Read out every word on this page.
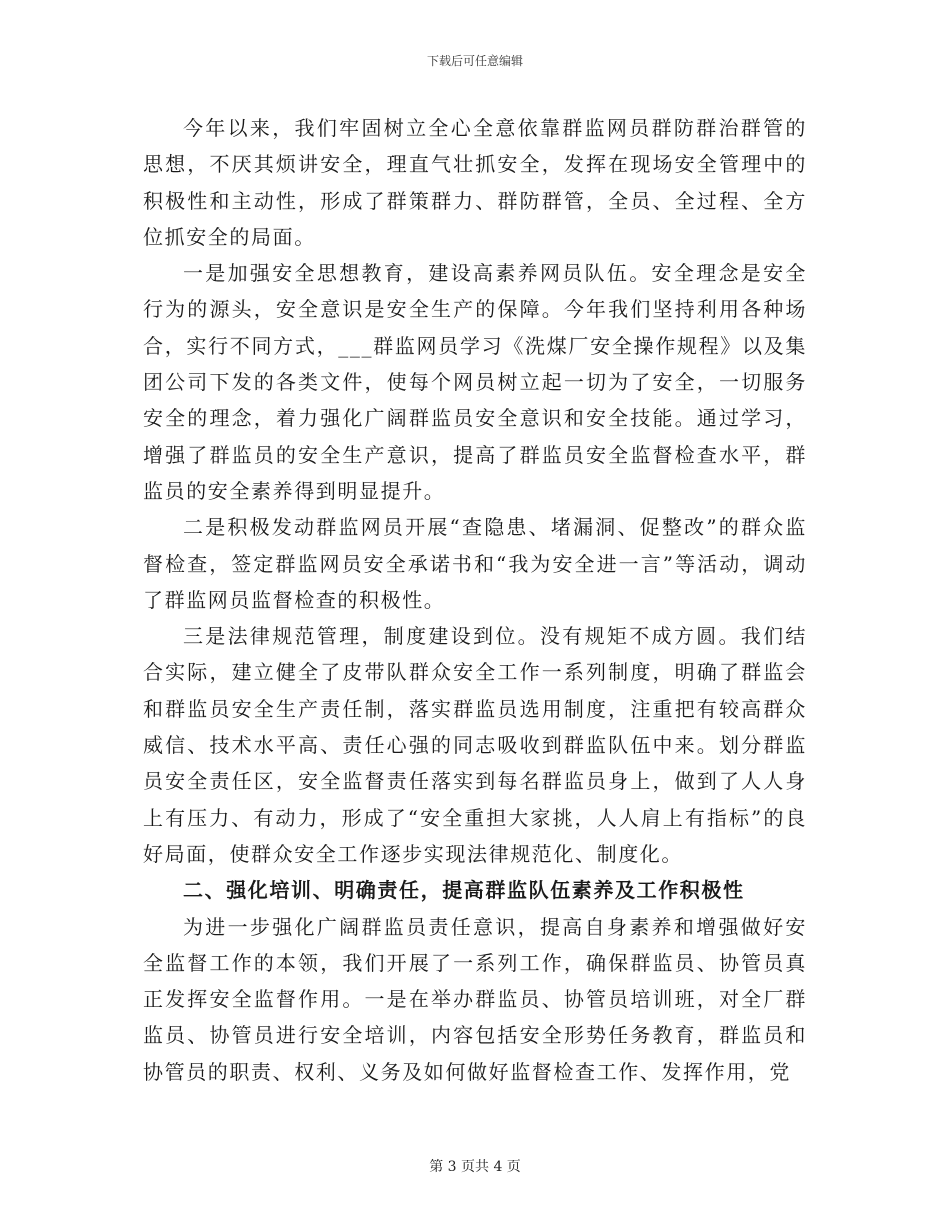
下载后可任意编辑

今年以来，我们牢固树立全心全意依靠群监网员群防群治群管的思想，不厌其烦讲安全，理直气壮抓安全，发挥在现场安全管理中的积极性和主动性，形成了群策群力、群防群管，全员、全过程、全方位抓安全的局面。

一是加强安全思想教育，建设高素养网员队伍。安全理念是安全行为的源头，安全意识是安全生产的保障。今年我们坚持利用各种场合，实行不同方式，___群监网员学习《洗煤厂安全操作规程》以及集团公司下发的各类文件，使每个网员树立起一切为了安全，一切服务安全的理念，着力强化广阔群监员安全意识和安全技能。通过学习，增强了群监员的安全生产意识，提高了群监员安全监督检查水平，群监员的安全素养得到明显提升。

二是积极发动群监网员开展“查隐患、堵漏洞、促整改”的群众监督检查，签定群监网员安全承诺书和“我为安全进一言”等活动，调动了群监网员监督检查的积极性。

三是法律规范管理，制度建设到位。没有规矩不成方圆。我们结合实际，建立健全了皮带队群众安全工作一系列制度，明确了群监会和群监员安全生产责任制，落实群监员选用制度，注重把有较高群众威信、技术水平高、责任心强的同志吸收到群监队伍中来。划分群监员安全责任区，安全监督责任落实到每名群监员身上，做到了人人身上有压力、有动力，形成了“安全重担大家挑，人人肩上有指标”的良好局面，使群众安全工作逐步实现法律规范化、制度化。

二、强化培训、明确责任，提高群监队伍素养及工作积极性

为进一步强化广阔群监员责任意识，提高自身素养和增强做好安全监督工作的本领，我们开展了一系列工作，确保群监员、协管员真正发挥安全监督作用。一是在举办群监员、协管员培训班，对全厂群监员、协管员进行安全培训，内容包括安全形势任务教育，群监员和协管员的职责、权利、义务及如何做好监督检查工作、发挥作用，党

第 3 页共 4 页
